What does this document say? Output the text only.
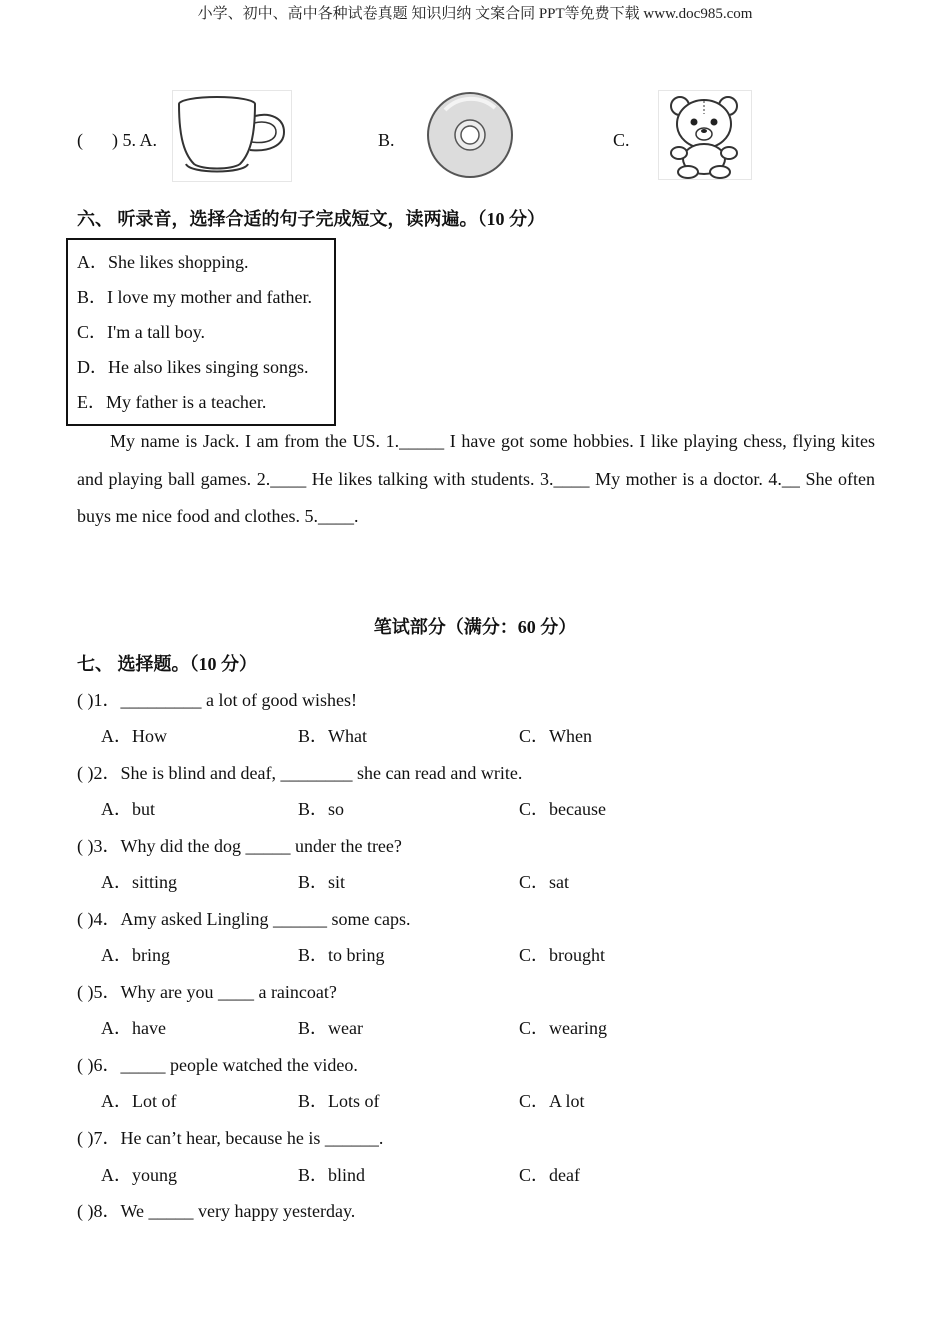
小学、初中、高中各种试卷真题 知识归纳 文案合同 PPT等免费下载 www.doc985.com
( ) 5. A.	B.	C.
六、 听录音，选择合适的句子完成短文，读两遍。（10 分）
A．She likes shopping.
B．I love my mother and father.
C．I'm a tall boy.
D．He also likes singing songs.
E．My father is a teacher.
My name is Jack. I am from the US. 1._____ I have got some hobbies. I like playing chess, flying kites and playing ball games. 2.____ He likes talking with students. 3.____ My mother is a doctor. 4.__ She often buys me nice food and clothes. 5.____.
笔试部分（满分：60 分）
七、 选择题。（10 分）
( )1．_________ a lot of good wishes!
A．How	B．What	C．When
( )2．She is blind and deaf, ________ she can read and write.
A．but	B．so	C．because
( )3．Why did the dog _____ under the tree?
A．sitting	B．sit	C．sat
( )4．Amy asked Lingling ______ some caps.
A．bring	B．to bring	C．brought
( )5．Why are you ____ a raincoat?
A．have	B．wear	C．wearing
( )6．_____ people watched the video.
A．Lot of	B．Lots of	C．A lot
( )7．He can’t hear, because he is ______.
A．young	B．blind	C．deaf
( )8．We _____ very happy yesterday.
